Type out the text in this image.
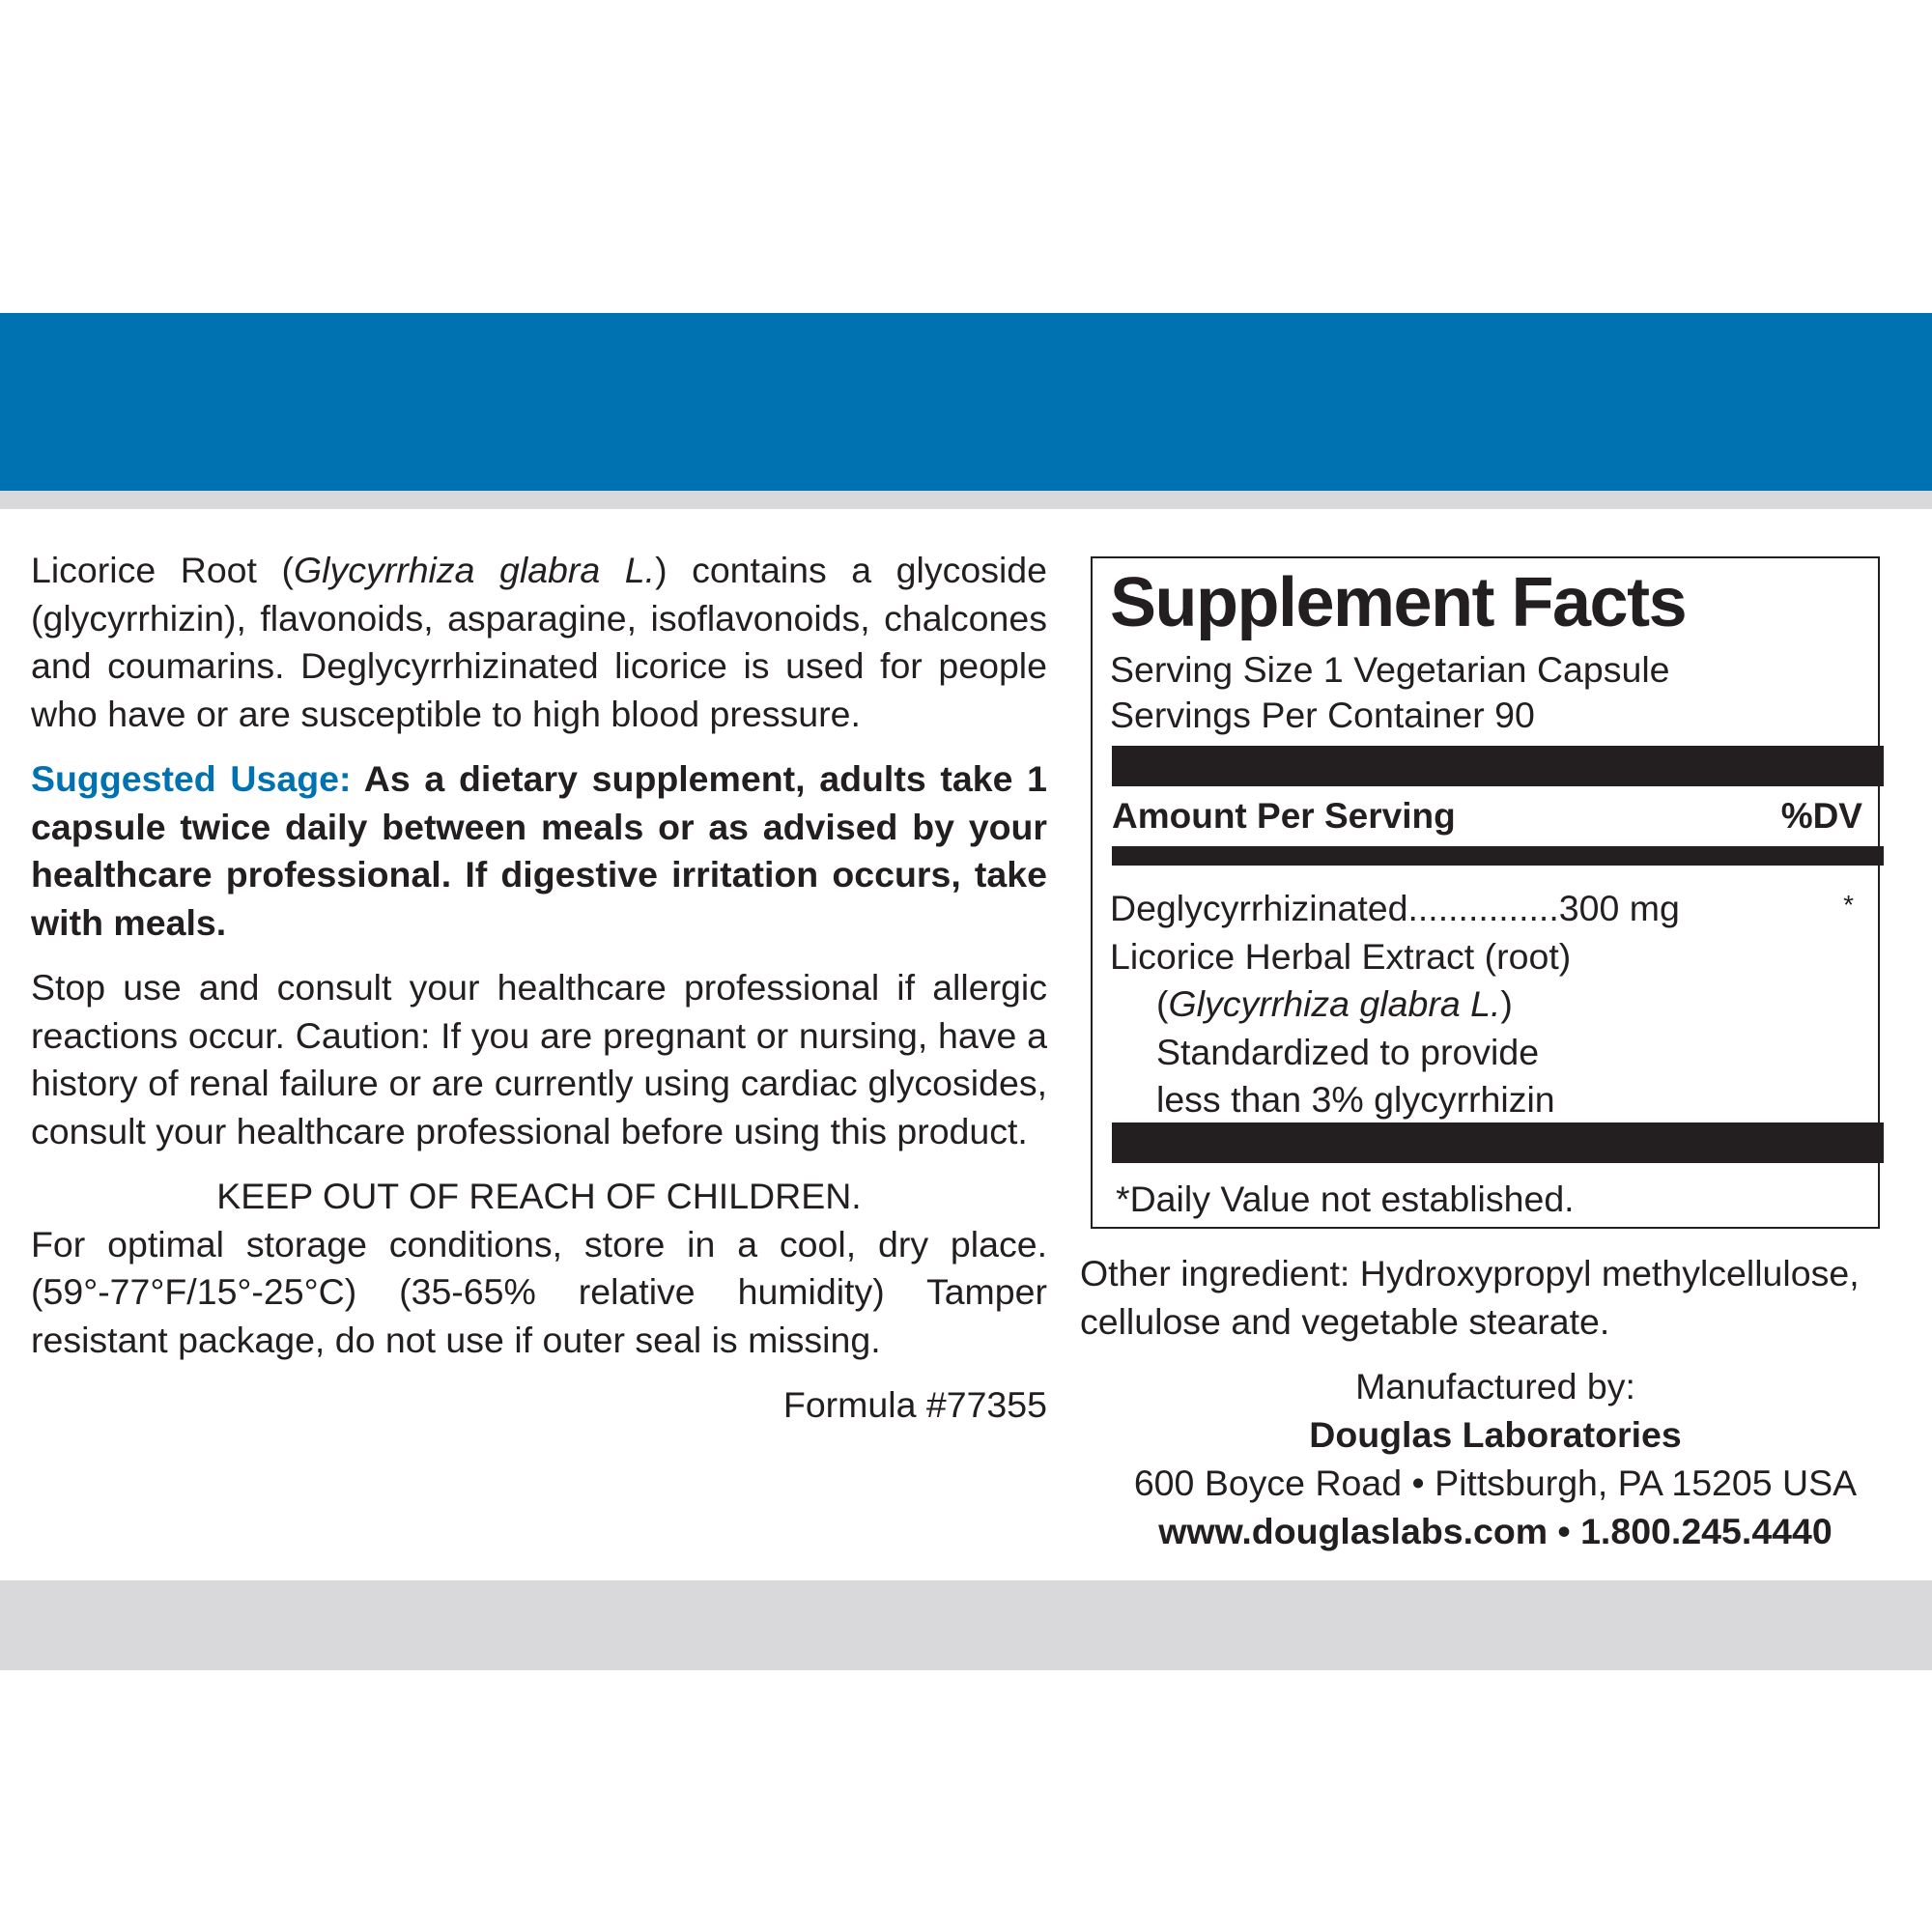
Licorice Root (Glycyrrhiza glabra L.) contains a glycoside (glycyrrhizin), flavonoids, asparagine, isoflavonoids, chalcones and coumarins. Deglycyrrhizinated licorice is used for people who have or are susceptible to high blood pressure.

Suggested Usage: As a dietary supplement, adults take 1 capsule twice daily between meals or as advised by your healthcare professional. If digestive irritation occurs, take with meals.

Stop use and consult your healthcare professional if allergic reactions occur. Caution: If you are pregnant or nursing, have a history of renal failure or are currently using cardiac glycosides, consult your healthcare professional before using this product.

KEEP OUT OF REACH OF CHILDREN.

For optimal storage conditions, store in a cool, dry place. (59°-77°F/15°-25°C) (35-65% relative humidity) Tamper resistant package, do not use if outer seal is missing.

Formula #77355

Supplement Facts
Serving Size 1 Vegetarian Capsule
Servings Per Container 90
Amount Per Serving	%DV
Deglycyrrhizinated...............300 mg	*
Licorice Herbal Extract (root)
(Glycyrrhiza glabra L.)
Standardized to provide
less than 3% glycyrrhizin
*Daily Value not established.
Other ingredient: Hydroxypropyl methylcellulose, cellulose and vegetable stearate.
Manufactured by:
Douglas Laboratories
600 Boyce Road • Pittsburgh, PA 15205 USA
www.douglaslabs.com • 1.800.245.4440
